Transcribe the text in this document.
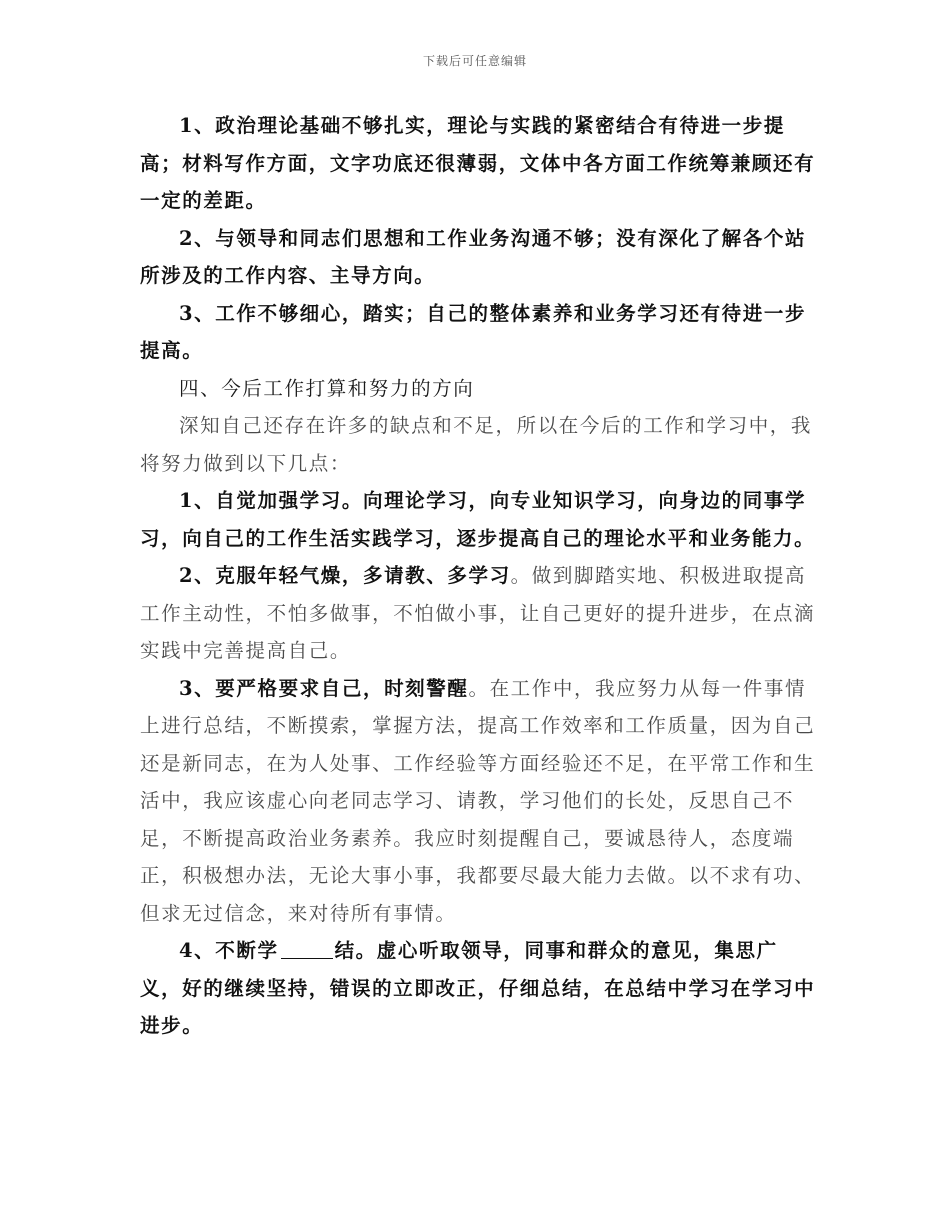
下载后可任意编辑

1、政治理论基础不够扎实，理论与实践的紧密结合有待进一步提高；材料写作方面，文字功底还很薄弱，文体中各方面工作统筹兼顾还有一定的差距。

2、与领导和同志们思想和工作业务沟通不够；没有深化了解各个站所涉及的工作内容、主导方向。

3、工作不够细心，踏实；自己的整体素养和业务学习还有待进一步提高。

四、今后工作打算和努力的方向

深知自己还存在许多的缺点和不足，所以在今后的工作和学习中，我将努力做到以下几点：

1、自觉加强学习。向理论学习，向专业知识学习，向身边的同事学习，向自己的工作生活实践学习，逐步提高自己的理论水平和业务能力。

2、克服年轻气燥，多请教、多学习。做到脚踏实地、积极进取提高工作主动性，不怕多做事，不怕做小事，让自己更好的提升进步，在点滴实践中完善提高自己。

3、要严格要求自己，时刻警醒。在工作中，我应努力从每一件事情上进行总结，不断摸索，掌握方法，提高工作效率和工作质量，因为自己还是新同志，在为人处事、工作经验等方面经验还不足，在平常工作和生活中，我应该虚心向老同志学习、请教，学习他们的长处，反思自己不足，不断提高政治业务素养。我应时刻提醒自己，要诚恳待人，态度端正，积极想办法，无论大事小事，我都要尽最大能力去做。以不求有功、但求无过信念，来对待所有事情。

4、不断学	结。虚心听取领导，同事和群众的意见，集思广义，好的继续坚持，错误的立即改正，仔细总结，在总结中学习在学习中进步。
